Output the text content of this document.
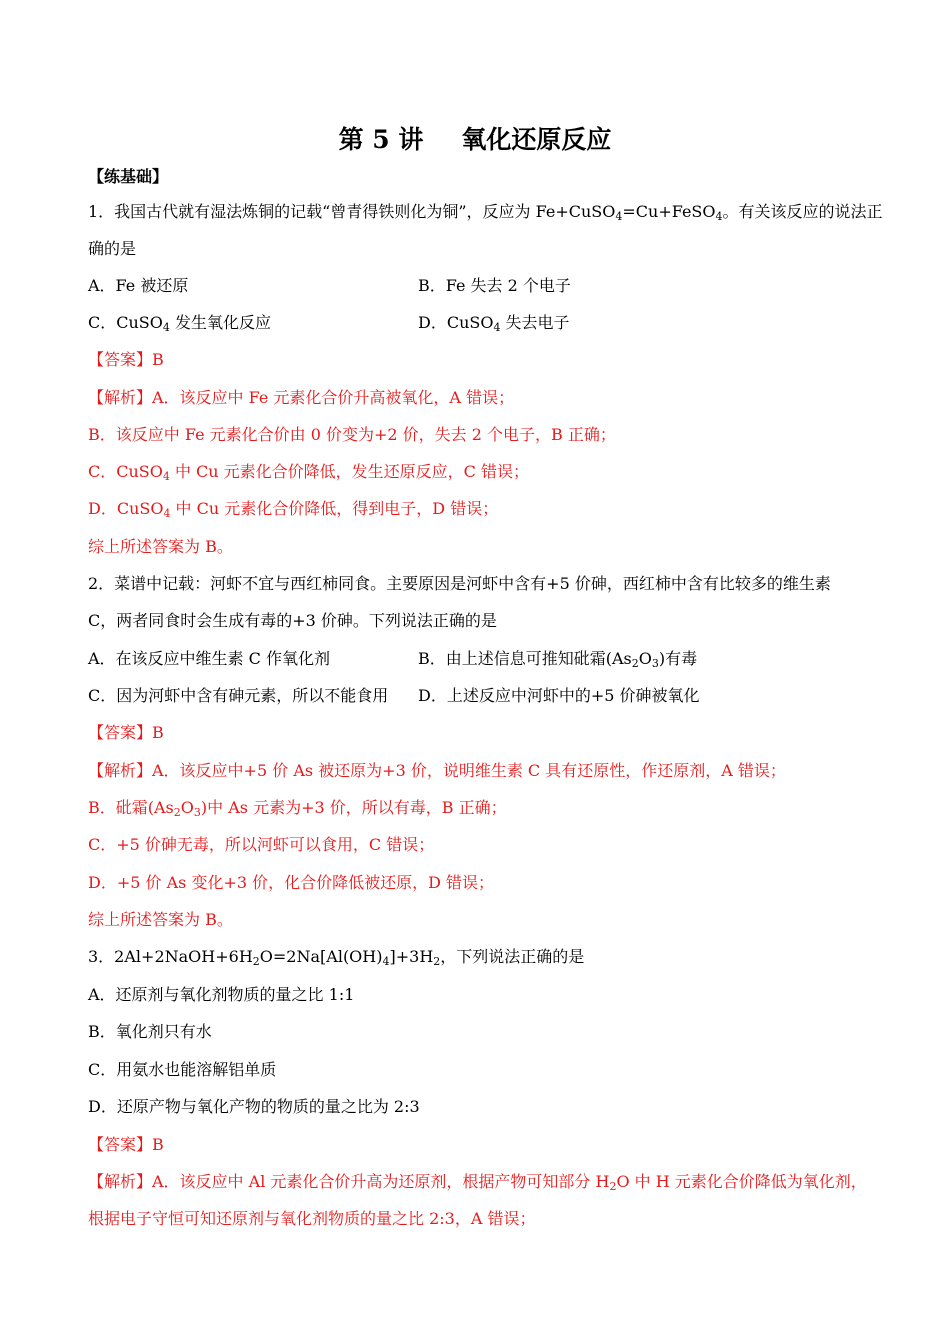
第 5 讲 氧化还原反应
【练基础】
1．我国古代就有湿法炼铜的记载“曾青得铁则化为铜”，反应为 Fe+CuSO$_4$=Cu+FeSO$_4$。有关该反应的说法正
确的是
A．Fe 被还原	B．Fe 失去 2 个电子
C．CuSO$_4$ 发生氧化反应	D．CuSO$_4$ 失去电子
【答案】B
【解析】A．该反应中 Fe 元素化合价升高被氧化，A 错误；
B．该反应中 Fe 元素化合价由 0 价变为+2 价，失去 2 个电子，B 正确；
C．CuSO$_4$ 中 Cu 元素化合价降低，发生还原反应，C 错误；
D．CuSO$_4$ 中 Cu 元素化合价降低，得到电子，D 错误；
综上所述答案为 B。
2．菜谱中记载：河虾不宜与西红柿同食。主要原因是河虾中含有+5 价砷，西红柿中含有比较多的维生素
C，两者同食时会生成有毒的+3 价砷。下列说法正确的是
A．在该反应中维生素 C 作氧化剂	B．由上述信息可推知砒霜$(As_2O_3)$有毒
C．因为河虾中含有砷元素，所以不能食用 D．上述反应中河虾中的+5 价砷被氧化
【答案】B
【解析】A．该反应中+5 价 As 被还原为+3 价，说明维生素 C 具有还原性，作还原剂，A 错误；
B．砒霜$(As_2O_3)$中 As 元素为+3 价，所以有毒，B 正确；
C．+5 价砷无毒，所以河虾可以食用，C 错误；
D．+5 价 As 变化+3 价，化合价降低被还原，D 错误；
综上所述答案为 B。
3．$2Al+2NaOH+6H_2O=2Na[Al(OH)_4]+3H_2$，下列说法正确的是
A．还原剂与氧化剂物质的量之比 1:1
B．氧化剂只有水
C．用氨水也能溶解铝单质
D．还原产物与氧化产物的物质的量之比为 2:3
【答案】B
【解析】A．该反应中 Al 元素化合价升高为还原剂，根据产物可知部分 $H_2O$ 中 H 元素化合价降低为氧化剂，
根据电子守恒可知还原剂与氧化剂物质的量之比 2:3，A 错误；
